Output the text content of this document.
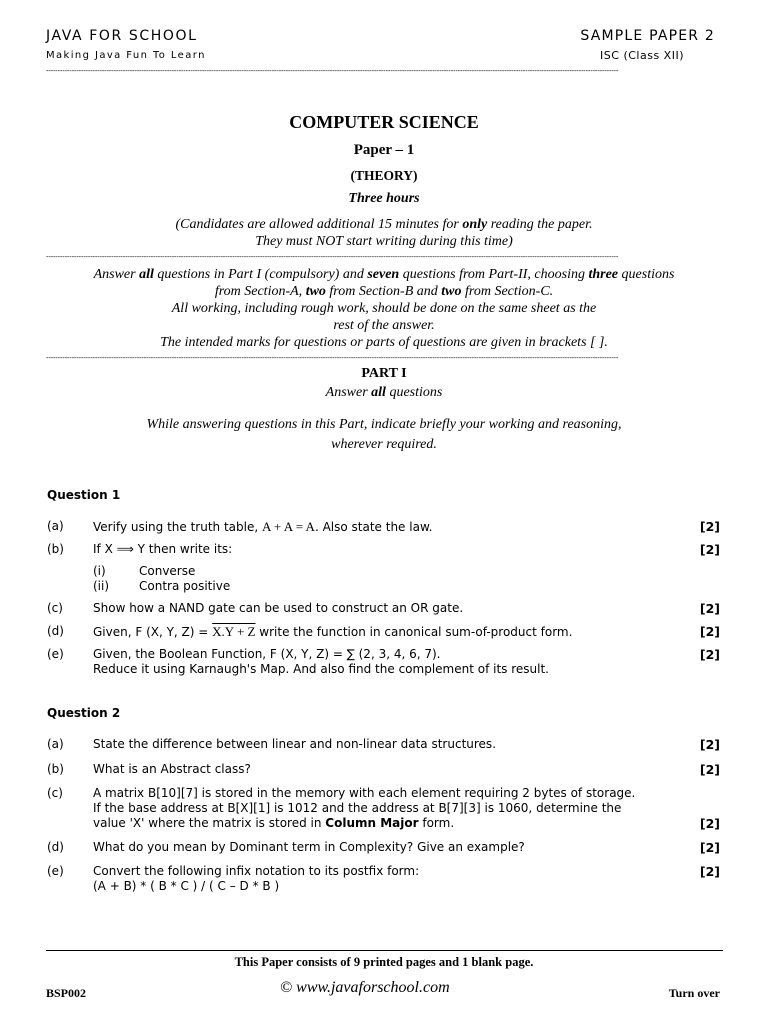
JAVA FOR SCHOOL
Making Java Fun To Learn
SAMPLE PAPER 2
ISC (Class XII)
------------------------------------------------------------------------------------------------------------------------------------------------------------------------------------------------------------------------------------------------------
COMPUTER SCIENCE
Paper – 1
(THEORY)
Three hours
(Candidates are allowed additional 15 minutes for only reading the paper.
They must NOT start writing during this time)
------------------------------------------------------------------------------------------------------------------------------------------------------------------------------------------------------------------------------------------------------
Answer all questions in Part I (compulsory) and seven questions from Part-II, choosing three questions
from Section-A, two from Section-B and two from Section-C.
All working, including rough work, should be done on the same sheet as the
rest of the answer.
The intended marks for questions or parts of questions are given in brackets [ ].
------------------------------------------------------------------------------------------------------------------------------------------------------------------------------------------------------------------------------------------------------
PART I
Answer all questions
While answering questions in this Part, indicate briefly your working and reasoning,
wherever required.
Question 1
(a) Verify using the truth table, A + A = A. Also state the law.	[2]
(b) If X ⟹ Y then write its:	[2]
(i)	Converse
(ii) Contra positive
(c)	Show how a NAND gate can be used to construct an OR gate.	[2]
(d) Given, F (X, Y, Z) = X.Y + Z write the function in canonical sum-of-product form.	[2]
(e) Given, the Boolean Function, F (X, Y, Z) = ∑ (2, 3, 4, 6, 7).
Reduce it using Karnaugh's Map. And also find the complement of its result.
[2]
Question 2
(a) State the difference between linear and non-linear data structures.	[2]
(b) What is an Abstract class?	[2]
(c)	A matrix B[10][7] is stored in the memory with each element requiring 2 bytes of storage.
If the base address at B[X][1] is 1012 and the address at B[7][3] is 1060, determine the
value 'X' where the matrix is stored in Column Major form.	[2]
(d) What do you mean by Dominant term in Complexity? Give an example?	[2]
(e) Convert the following infix notation to its postfix form:
(A + B) * ( B * C ) / ( C – D * B )
[2]
This Paper consists of 9 printed pages and 1 blank page.
BSP002	© www.javaforschool.com	Turn over
